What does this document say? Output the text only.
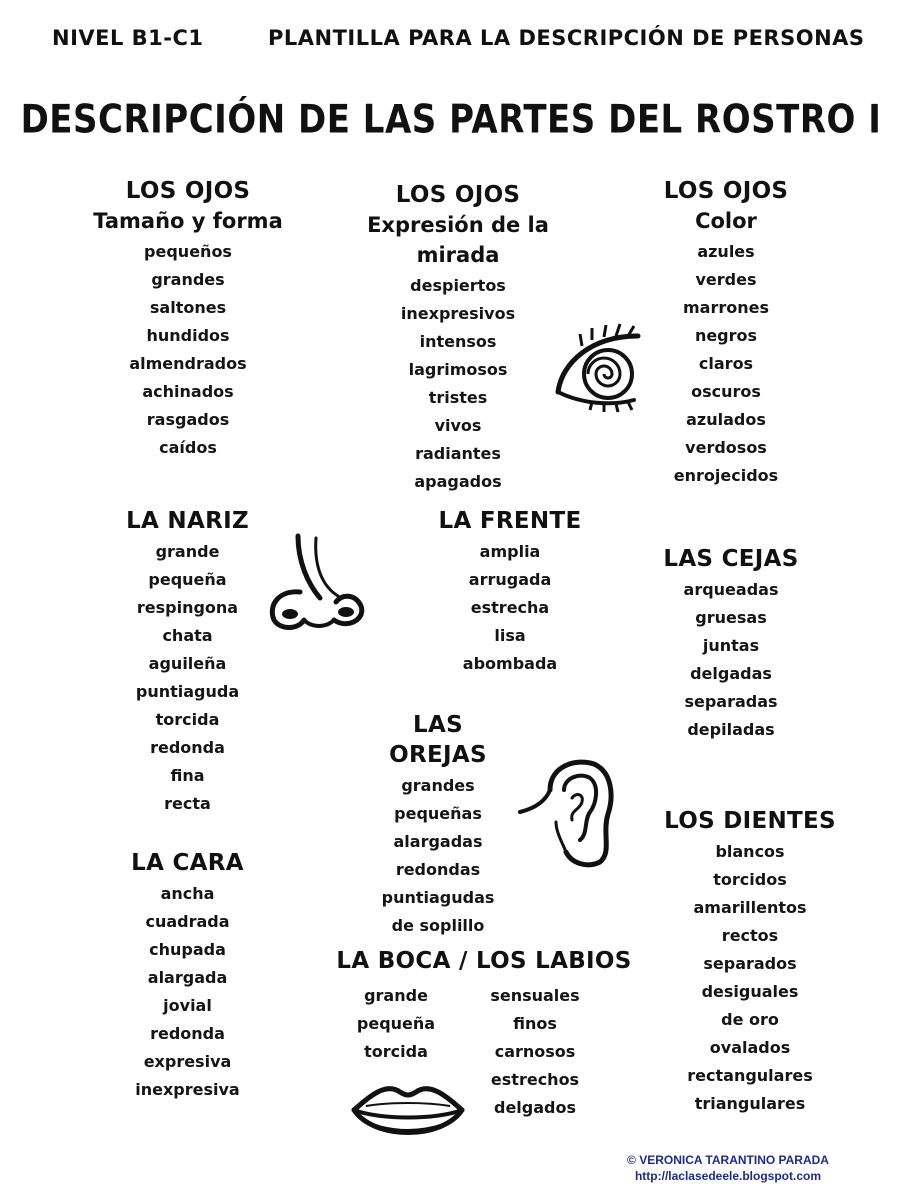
NIVEL B1-C1	PLANTILLA PARA LA DESCRIPCIÓN DE PERSONAS
DESCRIPCIÓN DE LAS PARTES DEL ROSTRO I
LOS OJOS
Tamaño y forma
pequeños
grandes
saltones
hundidos
almendrados
achinados
rasgados
caídos
LOS OJOS
Expresión de la mirada
despiertos
inexpresivos
intensos
lagrimosos
tristes
vivos
radiantes
apagados
LOS OJOS
Color
azules
verdes
marrones
negros
claros
oscuros
azulados
verdosos
enrojecidos
LA NARIZ
grande
pequeña
respingona
chata
aguileña
puntiaguda
torcida
redonda
fina
recta
LA FRENTE
amplia
arrugada
estrecha
lisa
abombada
LAS CEJAS
arqueadas
gruesas
juntas
delgadas
separadas
depiladas
LAS OREJAS
grandes
pequeñas
alargadas
redondas
puntiagudas
de soplillo
LOS DIENTES
blancos
torcidos
amarillentos
rectos
separados
desiguales
de oro
ovalados
rectangulares
triangulares
LA CARA
ancha
cuadrada
chupada
alargada
jovial
redonda
expresiva
inexpresiva
LA BOCA / LOS LABIOS
grande
pequeña
torcida
sensuales
finos
carnosos
estrechos
delgados
© VERONICA TARANTINO PARADA
http://laclasedeele.blogspot.com
